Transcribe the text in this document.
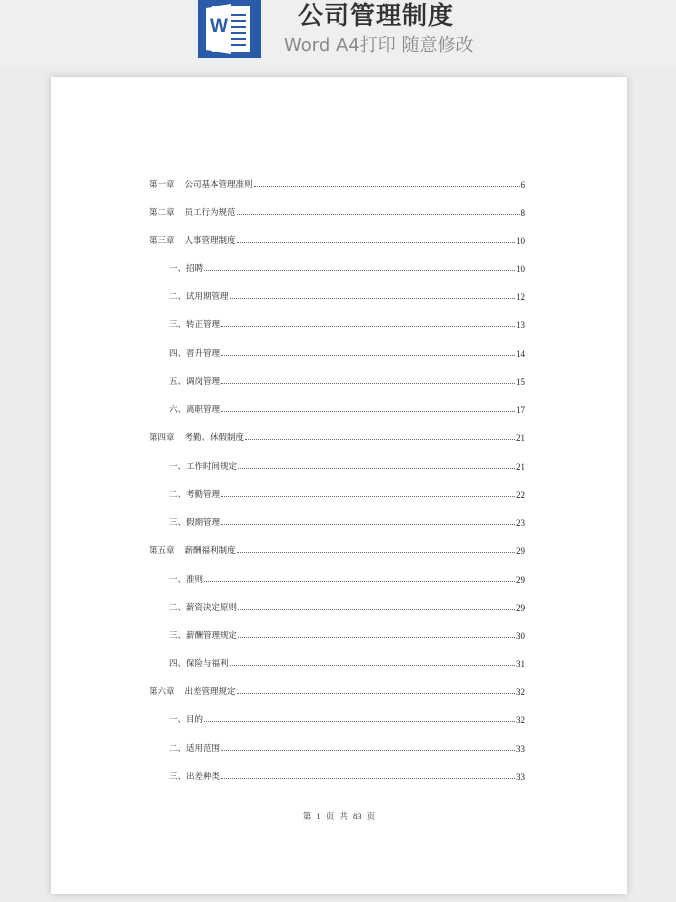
W	公司管理制度
Word A4打印 随意修改
第一章 公司基本管理准则	6
第二章 员工行为规范	8
第三章 人事管理制度	10
一、 招聘	10
二、 试用期管理	12
三、 转正管理	13
四、 晋升管理	14
五、 调岗管理	15
六、 离职管理	17
第四章 考勤、休假制度	21
一、 工作时间规定	21
二、 考勤管理	22
三、 假期管理	23
第五章 薪酬福利制度	29
一、 准则	29
二、 薪资决定原则	29
三、 薪酬管理规定	30
四、 保险与福利	31
第六章 出差管理规定	32
一、 目的	32
二、 适用范围	33
三、 出差种类	33
第 1 页 共 83 页
